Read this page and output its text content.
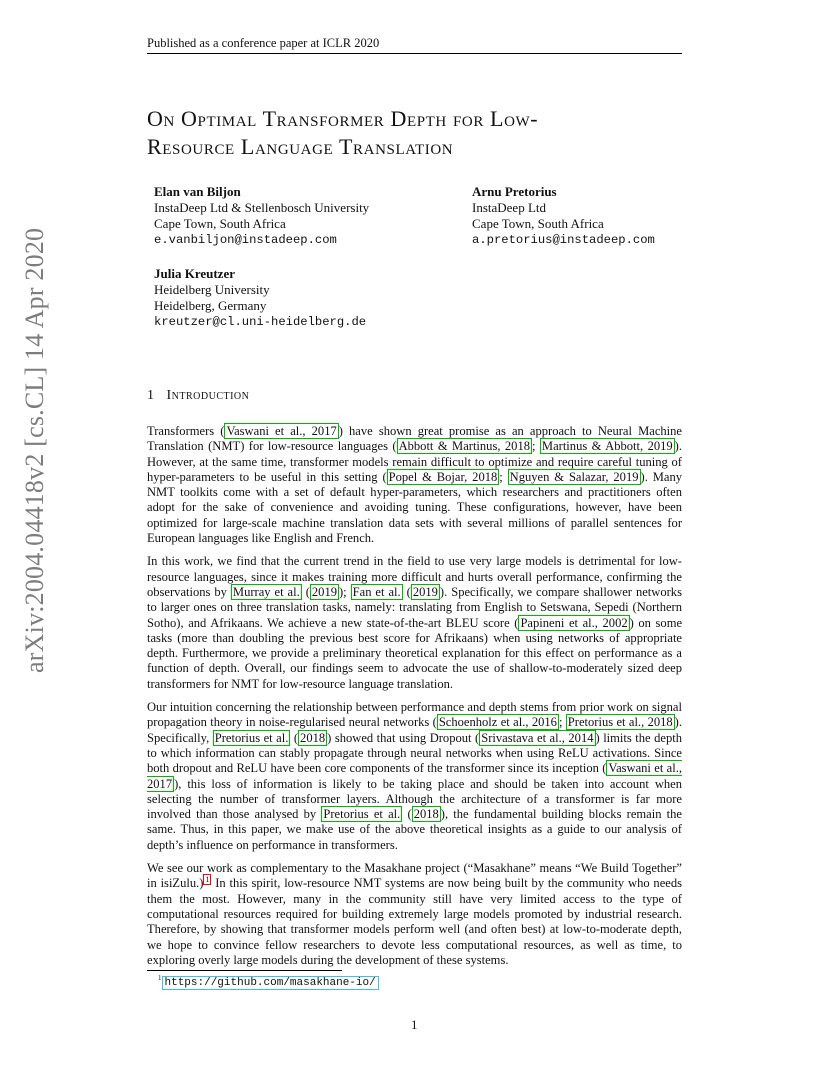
Published as a conference paper at ICLR 2020
On Optimal Transformer Depth for Low-
Resource Language Translation
Elan van Biljon
InstaDeep Ltd & Stellenbosch University
Cape Town, South Africa
e.vanbiljon@instadeep.com
Arnu Pretorius
InstaDeep Ltd
Cape Town, South Africa
a.pretorius@instadeep.com
Julia Kreutzer
Heidelberg University
Heidelberg, Germany
kreutzer@cl.uni-heidelberg.de
arXiv:2004.04418v2 [cs.CL] 14 Apr 2020	1 Introduction

Transformers ( Vaswani et al., 2017 ) have shown great promise as an approach to Neural Machine Translation (NMT) for low-resource languages ( Abbott & Martinus, 2018 ; Martinus & Abbott, 2019 ). However, at the same time, transformer models remain difficult to optimize and require careful tuning of hyper-parameters to be useful in this setting ( Popel & Bojar, 2018 ; Nguyen & Salazar, 2019 ). Many NMT toolkits come with a set of default hyper-parameters, which researchers and practitioners often adopt for the sake of convenience and avoiding tuning. These configurations, however, have been optimized for large-scale machine translation data sets with several millions of parallel sentences for European languages like English and French.

In this work, we find that the current trend in the field to use very large models is detrimental for low-resource languages, since it makes training more difficult and hurts overall performance, confirming the observations by Murray et al. ( 2019 ); Fan et al. ( 2019 ). Specifically, we compare shallower networks to larger ones on three translation tasks, namely: translating from English to Setswana, Sepedi (Northern Sotho), and Afrikaans. We achieve a new state-of-the-art BLEU score ( Papineni et al., 2002 ) on some tasks (more than doubling the previous best score for Afrikaans) when using networks of appropriate depth. Furthermore, we provide a preliminary theoretical explanation for this effect on performance as a function of depth. Overall, our findings seem to advocate the use of shallow-to-moderately sized deep transformers for NMT for low-resource language translation.

Our intuition concerning the relationship between performance and depth stems from prior work on signal propagation theory in noise-regularised neural networks ( Schoenholz et al., 2016 ; Pretorius et al., 2018 ). Specifically, Pretorius et al. ( 2018 ) showed that using Dropout ( Srivastava et al., 2014 ) limits the depth to which information can stably propagate through neural networks when using ReLU activations. Since both dropout and ReLU have been core components of the transformer since its inception ( Vaswani et al., 2017 ), this loss of information is likely to be taking place and should be taken into account when selecting the number of transformer layers. Although the architecture of a transformer is far more involved than those analysed by Pretorius et al. ( 2018 ), the fundamental building blocks remain the same. Thus, in this paper, we make use of the above theoretical insights as a guide to our analysis of depth’s influence on performance in transformers.

We see our work as complementary to the Masakhane project (“Masakhane” means “We Build Together” in isiZulu.) $^1$ In this spirit, low-resource NMT systems are now being built by the community who needs them the most. However, many in the community still have very limited access to the type of computational resources required for building extremely large models promoted by industrial research. Therefore, by showing that transformer models perform well (and often best) at low-to-moderate depth, we hope to convince fellow researchers to devote less computational resources, as well as time, to exploring overly large models during the development of these systems.

$^1$ https://github.com/masakhane-io/
1
